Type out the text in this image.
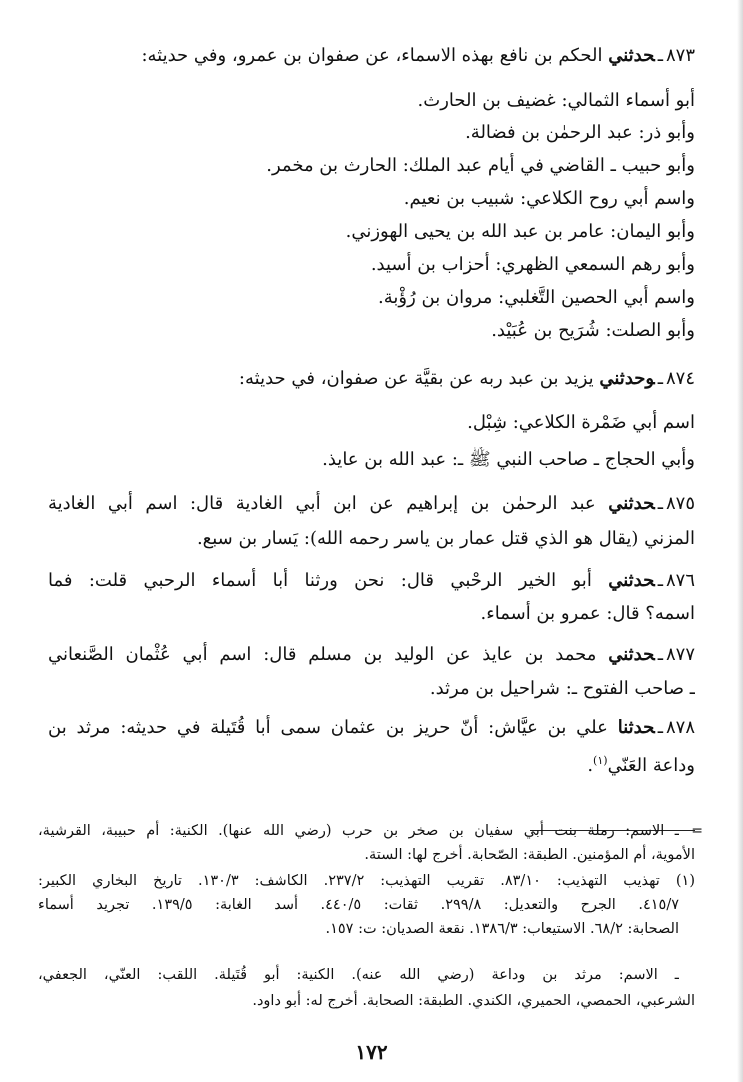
٨٧٣ـحدثني الحكم بن نافع بهذه الاسماء، عن صفوان بن عمرو، وفي حديثه:
أبو أسماء الثمالي: غضيف بن الحارث.
وأبو ذر: عبد الرحمٰن بن فضالة.
وأبو حبيب ـ القاضي في أيام عبد الملك: الحارث بن مخمر.
واسم أبي روح الكلاعي: شبيب بن نعيم.
وأبو اليمان: عامر بن عبد الله بن يحيى الهوزني.
وأبو رهم السمعي الظهري: أحزاب بن أسيد.
واسم أبي الحصين التَّغلبي: مروان بن رُؤْبة.
وأبو الصلت: شُرَيح بن عُبَيْد.
٨٧٤ـوحدثني يزيد بن عبد ربه عن بقيَّة عن صفوان، في حديثه:
اسم أبي ضَمْرة الكلاعي: شِبْل.
وأبي الحجاج ـ صاحب النبي ﷺ ـ: عبد الله بن عايذ.
٨٧٥ـحدثني عبد الرحمٰن بن إبراهيم عن ابن أبي الغادية قال: اسم أبي الغادية
المزني (يقال هو الذي قتل عمار بن ياسر رحمه الله): يَسار بن سبع.
٨٧٦ـحدثني أبو الخير الرحْبي قال: نحن ورثنا أبا أسماء الرحبي قلت: فما
اسمه؟ قال: عمرو بن أسماء.
٨٧٧ـحدثني محمد بن عايذ عن الوليد بن مسلم قال: اسم أبي عُثْمان الصَّنعاني
ـ صاحب الفتوح ـ: شراحيل بن مرثد.
٨٧٨ـحدثنا علي بن عيَّاش: أنّ حريز بن عثمان سمى أبا قُتَيلة في حديثه: مرثد بن
وداعة العَنّي$^{(١)}$.
=
ـ الاسم: رملة بنت أبي سفيان بن صخر بن حرب (رضي الله عنها). الكنية: أم حبيبة، القرشية،
الأموية، أم المؤمنين. الطبقة: الصّحابة. أخرج لها: الستة.
(١) تهذيب التهذيب: ٨٣/١٠. تقريب التهذيب: ٢٣٧/٢. الكاشف: ١٣٠/٣. تاريخ البخاري الكبير:
٤١٥/٧. الجرح والتعديل: ٢٩٩/٨. ثقات: ٤٤٠/٥. أسد الغابة: ١٣٩/٥. تجريد أسماء
الصحابة: ٦٨/٢. الاستيعاب: ١٣٨٦/٣. نقعة الصديان: ت: ١٥٧.
ـ الاسم: مرثد بن وداعة (رضي الله عنه). الكنية: أبو قُتَيلة. اللقب: العنّي، الجعفي،
الشرعبي، الحمصي، الحميري، الكندي. الطبقة: الصحابة. أخرج له: أبو داود.
١٧٢
